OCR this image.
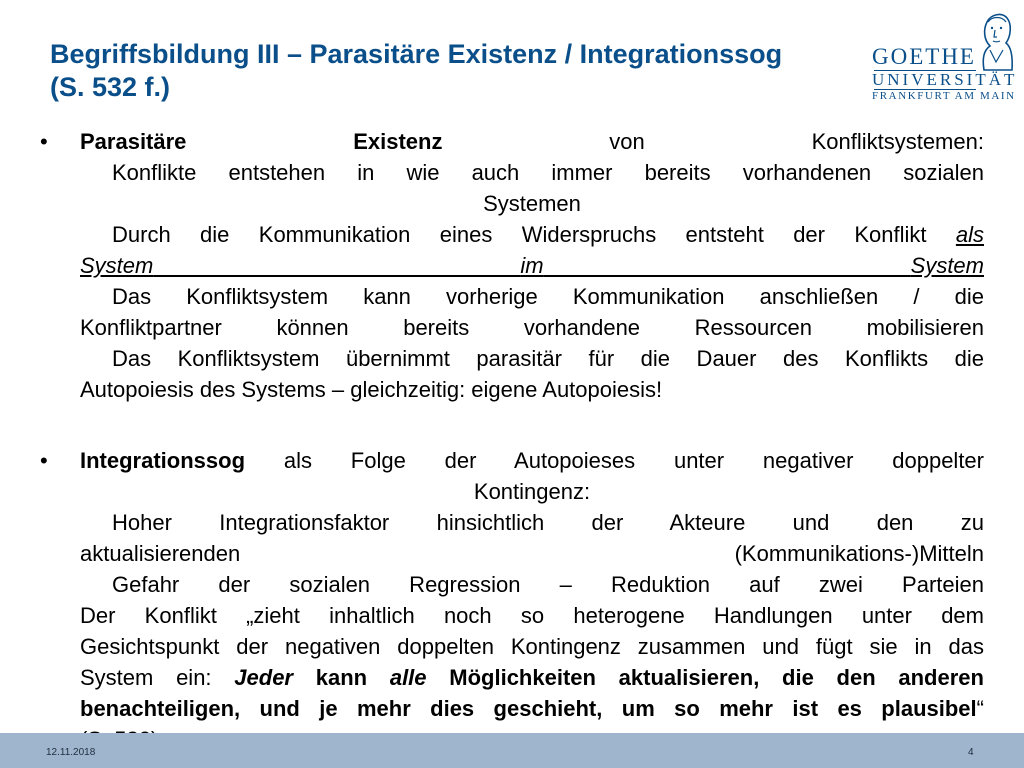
Begriffsbildung III – Parasitäre Existenz / Integrationssog
(S. 532 f.)
GOETHE
UNIVERSITÄT
FRANKFURT AM MAIN
•	Parasitäre	Existenz	von	Konfliktsystemen:
Konflikte entstehen in wie auch immer bereits vorhandenen sozialen
Systemen
Durch die Kommunikation eines Widerspruchs entsteht der Konflikt als
System	im	System
Das Konfliktsystem kann vorherige Kommunikation anschließen / die
Konfliktpartner können bereits vorhandene Ressourcen mobilisieren
Das Konfliktsystem übernimmt parasitär für die Dauer des Konflikts die
Autopoiesis des Systems – gleichzeitig: eigene Autopoiesis!
•	Integrationssog als Folge der Autopoieses unter negativer doppelter
Kontingenz:
Hoher Integrationsfaktor hinsichtlich der Akteure und den zu
aktualisierenden	(Kommunikations-)Mitteln
Gefahr der sozialen Regression – Reduktion auf zwei Parteien
Der Konflikt „zieht inhaltlich noch so heterogene Handlungen unter dem
Gesichtspunkt der negativen doppelten Kontingenz zusammen und fügt sie in das
System ein: Jeder kann alle Möglichkeiten aktualisieren, die den anderen
benachteiligen, und je mehr dies geschieht, um so mehr ist es plausibel“
12.11.2018	4
